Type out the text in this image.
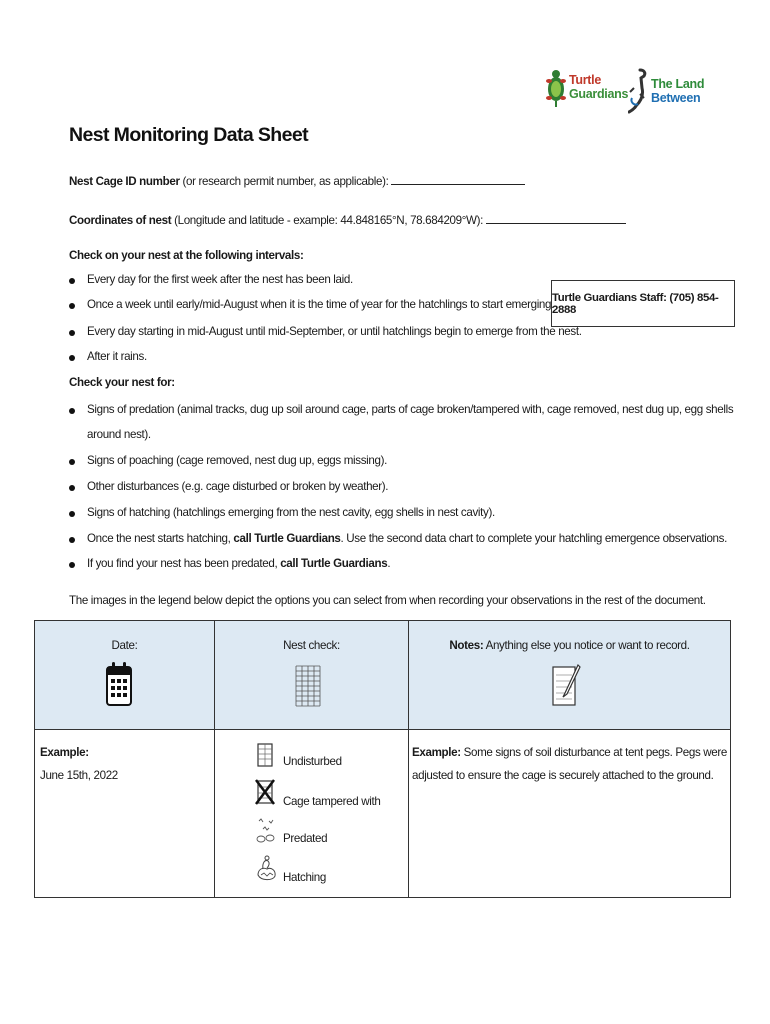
Turtle
Guardians
The Land
Between
Nest Monitoring Data Sheet
Nest Cage ID number (or research permit number, as applicable):
Coordinates of nest (Longitude and latitude - example: 44.848165°N, 78.684209°W):
Check on your nest at the following intervals:
Every day for the first week after the nest has been laid.
Once a week until early/mid-August when it is the time of year for the hatchlings to start emerging.
Every day starting in mid-August until mid-September, or until hatchlings begin to emerge from the nest.
After it rains.
Turtle Guardians Staff: (705) 854-2888
Check your nest for:
Signs of predation (animal tracks, dug up soil around cage, parts of cage broken/tampered with, cage removed, nest dug up, egg shells
around nest).
Signs of poaching (cage removed, nest dug up, eggs missing).
Other disturbances (e.g. cage disturbed or broken by weather).
Signs of hatching (hatchlings emerging from the nest cavity, egg shells in nest cavity).
Once the nest starts hatching, call Turtle Guardians. Use the second data chart to complete your hatchling emergence observations.
If you find your nest has been predated, call Turtle Guardians.
The images in the legend below depict the options you can select from when recording your observations in the rest of the document.
Date:	Nest check:	Notes: Anything else you notice or want to record.
Example:
June 15th, 2022
Undisturbed
Cage tampered with
Predated
Hatching
Example: Some signs of soil disturbance at tent pegs. Pegs were
adjusted to ensure the cage is securely attached to the ground.
